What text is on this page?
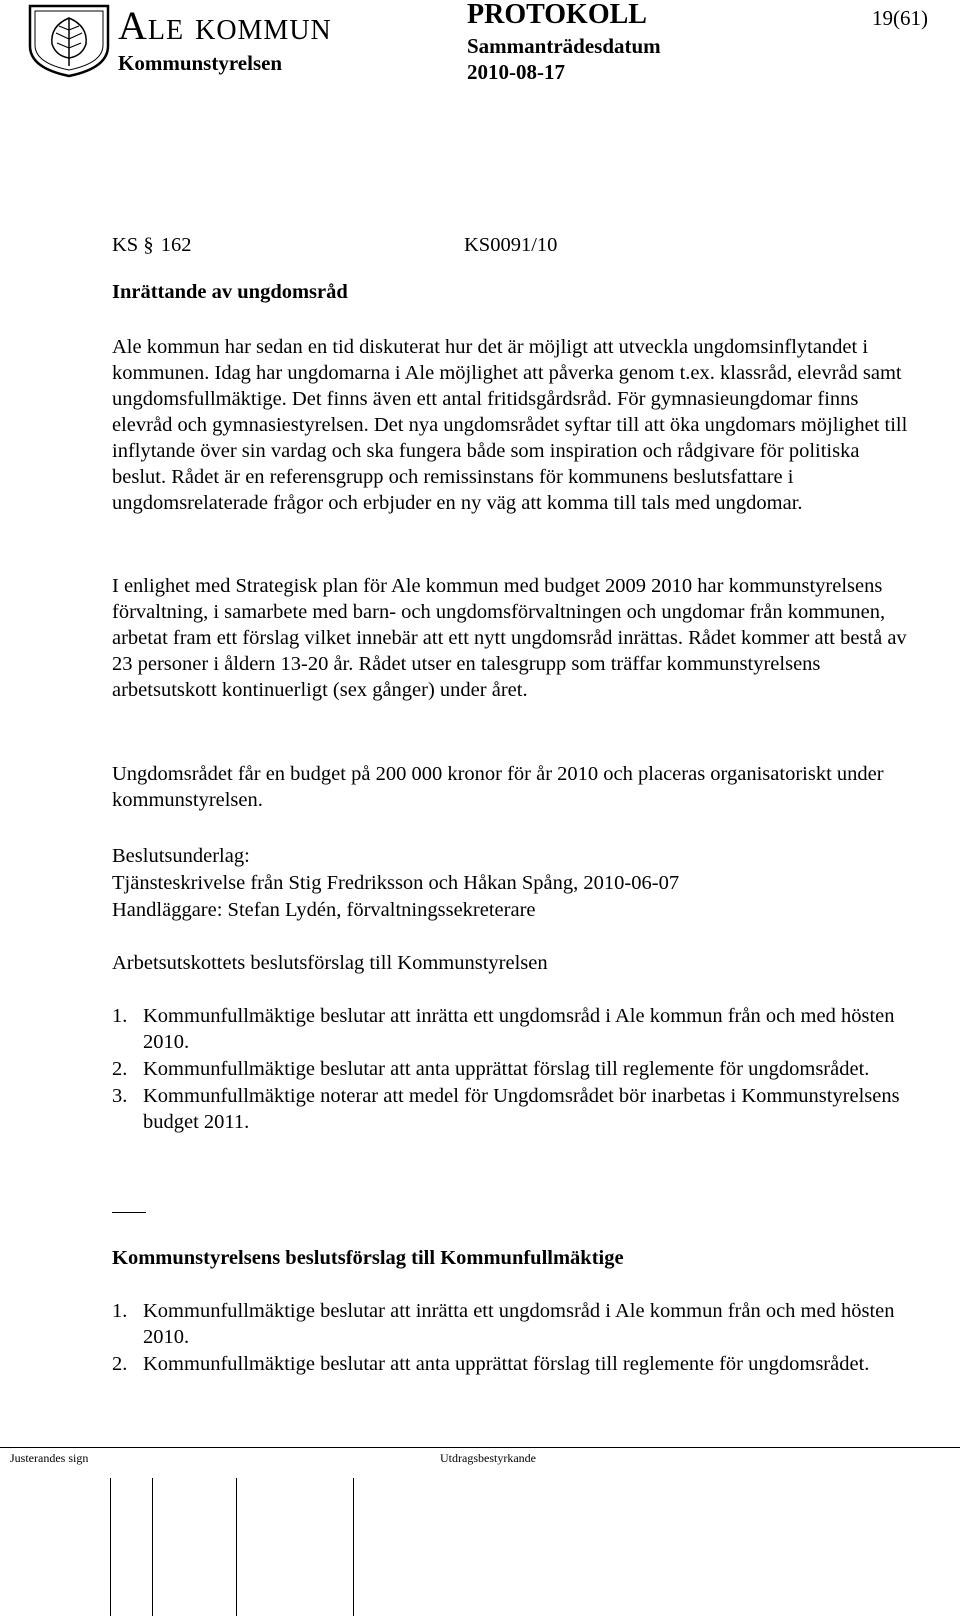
Ale kommun
Kommunstyrelsen
PROTOKOLL
Sammanträdesdatum
2010-08-17
19(61)
KS § 162	KS0091/10

Inrättande av ungdomsråd

Ale kommun har sedan en tid diskuterat hur det är möjligt att utveckla ungdomsinflytandet i kommunen. Idag har ungdomarna i Ale möjlighet att påverka genom t.ex. klassråd, elevråd samt ungdomsfullmäktige. Det finns även ett antal fritidsgårdsråd. För gymnasieungdomar finns elevråd och gymnasiestyrelsen. Det nya ungdomsrådet syftar till att öka ungdomars möjlighet till inflytande över sin vardag och ska fungera både som inspiration och rådgivare för politiska beslut. Rådet är en referensgrupp och remissinstans för kommunens beslutsfattare i ungdomsrelaterade frågor och erbjuder en ny väg att komma till tals med ungdomar.

I enlighet med Strategisk plan för Ale kommun med budget 2009 2010 har kommunstyrelsens förvaltning, i samarbete med barn- och ungdomsförvaltningen och ungdomar från kommunen, arbetat fram ett förslag vilket innebär att ett nytt ungdomsråd inrättas. Rådet kommer att bestå av 23 personer i åldern 13-20 år. Rådet utser en talesgrupp som träffar kommunstyrelsens arbetsutskott kontinuerligt (sex gånger) under året.

Ungdomsrådet får en budget på 200 000 kronor för år 2010 och placeras organisatoriskt under kommunstyrelsen.

Beslutsunderlag:

Tjänsteskrivelse från Stig Fredriksson och Håkan Spång, 2010-06-07

Handläggare: Stefan Lydén, förvaltningssekreterare

Arbetsutskottets beslutsförslag till Kommunstyrelsen

1. Kommunfullmäktige beslutar att inrätta ett ungdomsråd i Ale kommun från och med hösten 2010.
2. Kommunfullmäktige beslutar att anta upprättat förslag till reglemente för ungdomsrådet.
3. Kommunfullmäktige noterar att medel för Ungdomsrådet bör inarbetas i Kommunstyrelsens budget 2011.

Kommunstyrelsens beslutsförslag till Kommunfullmäktige

1. Kommunfullmäktige beslutar att inrätta ett ungdomsråd i Ale kommun från och med hösten 2010.
2. Kommunfullmäktige beslutar att anta upprättat förslag till reglemente för ungdomsrådet.
Justerandes sign	Utdragsbestyrkande
